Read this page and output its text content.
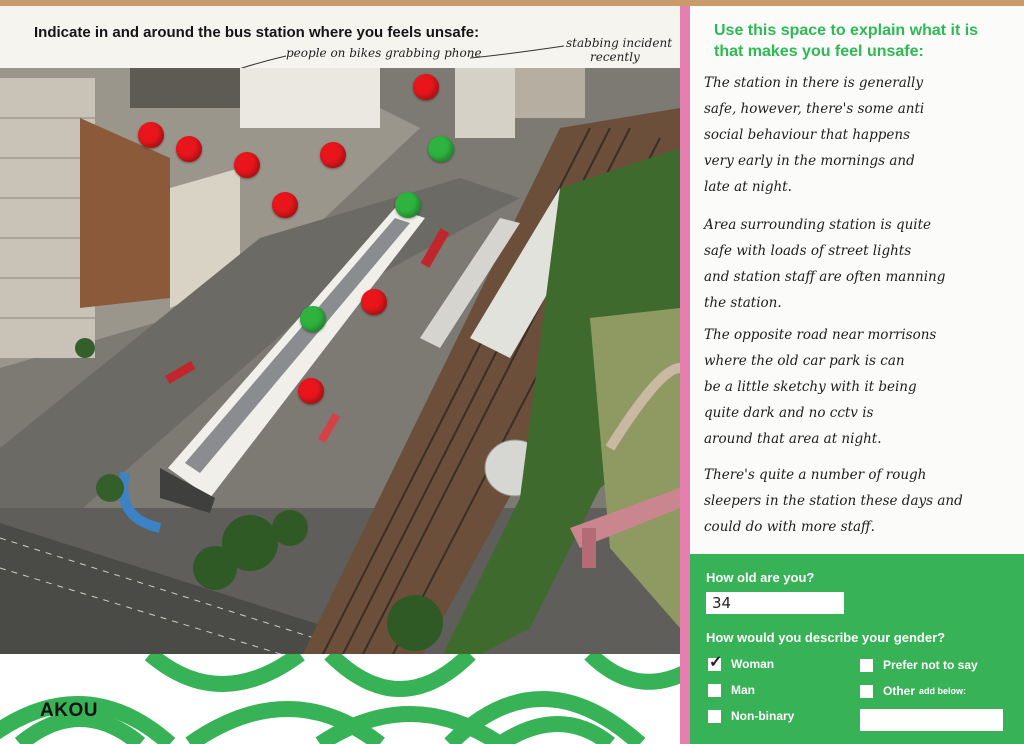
Indicate in and around the bus station where you feels unsafe:
people on bikes grabbing phone
stabbing incident
recently
AKOU
Use this space to explain what it is that makes you feel unsafe:
The station in there is generally
safe, however, there's some anti
social behaviour that happens
very early in the mornings and
late at night.
Area surrounding station is quite
safe with loads of street lights
and station staff are often manning
the station.
The opposite road near morrisons
where the old car park is can
be a little sketchy with it being
quite dark and no cctv is
around that area at night.
There's quite a number of rough
sleepers in the station these days and
could do with more staff.
How old are you?
34
How would you describe your gender?
✓ Woman
Man
Non-binary
Prefer not to say
Other add below:
